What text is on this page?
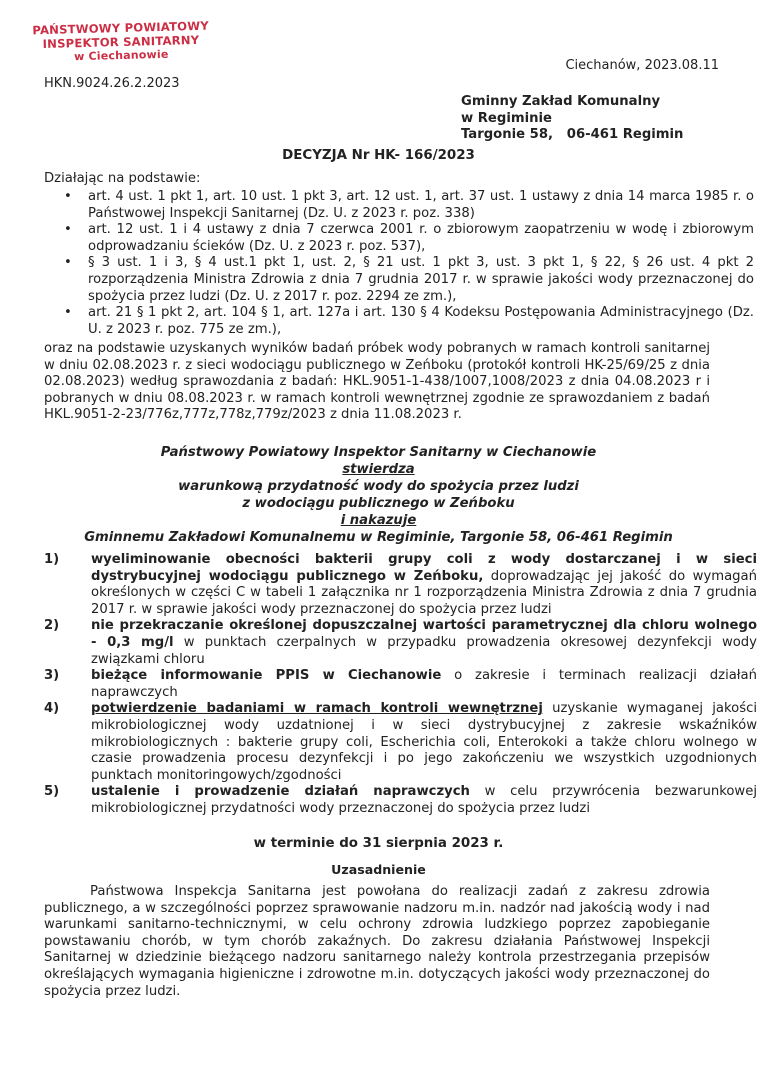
PAŃSTWOWY POWIATOWY
INSPEKTOR SANITARNY
w Ciechanowie
Ciechanów, 2023.08.11
HKN.9024.26.2.2023
Gminny Zakład Komunalny
w Regiminie
Targonie 58,   06-461 Regimin
DECYZJA Nr HK- 166/2023
Działając na podstawie:
• art. 4 ust. 1 pkt 1, art. 10 ust. 1 pkt 3, art. 12 ust. 1, art. 37 ust. 1 ustawy z dnia 14 marca 1985 r. o Państwowej Inspekcji Sanitarnej (Dz. U. z 2023 r. poz. 338)
• art. 12 ust. 1 i 4 ustawy z dnia 7 czerwca 2001 r. o zbiorowym zaopatrzeniu w wodę i zbiorowym odprowadzaniu ścieków (Dz. U. z 2023 r. poz. 537),
• § 3 ust. 1 i 3, § 4 ust.1 pkt 1, ust. 2, § 21 ust. 1 pkt 3, ust. 3 pkt 1, § 22, § 26 ust. 4 pkt 2 rozporządzenia Ministra Zdrowia z dnia 7 grudnia 2017 r. w sprawie jakości wody przeznaczonej do spożycia przez ludzi (Dz. U. z 2017 r. poz. 2294 ze zm.),
• art. 21 § 1 pkt 2, art. 104 § 1, art. 127a i art. 130 § 4 Kodeksu Postępowania Administracyjnego (Dz. U. z 2023 r. poz. 775 ze zm.),
oraz na podstawie uzyskanych wyników badań próbek wody pobranych w ramach kontroli sanitarnej w dniu 02.08.2023 r. z sieci wodociągu publicznego w Zeńboku (protokół kontroli HK-25/69/25 z dnia 02.08.2023) według sprawozdania z badań: HKL.9051-1-438/1007,1008/2023 z dnia 04.08.2023 r i pobranych w dniu 08.08.2023 r. w ramach kontroli wewnętrznej zgodnie ze sprawozdaniem z badań HKL.9051-2-23/776z,777z,778z,779z/2023 z dnia 11.08.2023 r.
Państwowy Powiatowy Inspektor Sanitarny w Ciechanowie
stwierdza
warunkową przydatność wody do spożycia przez ludzi
z wodociągu publicznego w Zeńboku
i nakazuje
Gminnemu Zakładowi Komunalnemu w Regiminie, Targonie 58, 06-461 Regimin
1) wyeliminowanie obecności bakterii grupy coli z wody dostarczanej i w sieci dystrybucyjnej wodociągu publicznego w Zeńboku, doprowadzając jej jakość do wymagań określonych w części C w tabeli 1 załącznika nr 1 rozporządzenia Ministra Zdrowia z dnia 7 grudnia 2017 r. w sprawie jakości wody przeznaczonej do spożycia przez ludzi
2) nie przekraczanie określonej dopuszczalnej wartości parametrycznej dla chloru wolnego - 0,3 mg/l w punktach czerpalnych w przypadku prowadzenia okresowej dezynfekcji wody związkami chloru
3) bieżące informowanie PPIS w Ciechanowie o zakresie i terminach realizacji działań naprawczych
4) potwierdzenie badaniami w ramach kontroli wewnętrznej uzyskanie wymaganej jakości mikrobiologicznej wody uzdatnionej i w sieci dystrybucyjnej z zakresie wskaźników mikrobiologicznych : bakterie grupy coli, Escherichia coli, Enterokoki a także chloru wolnego w czasie prowadzenia procesu dezynfekcji i po jego zakończeniu we wszystkich uzgodnionych punktach monitoringowych/zgodności
5) ustalenie i prowadzenie działań naprawczych w celu przywrócenia bezwarunkowej mikrobiologicznej przydatności wody przeznaczonej do spożycia przez ludzi
w terminie do 31 sierpnia 2023 r.
Uzasadnienie
Państwowa Inspekcja Sanitarna jest powołana do realizacji zadań z zakresu zdrowia publicznego, a w szczególności poprzez sprawowanie nadzoru m.in. nadzór nad jakością wody i nad warunkami sanitarno-technicznymi, w celu ochrony zdrowia ludzkiego poprzez zapobieganie powstawaniu chorób, w tym chorób zakaźnych. Do zakresu działania Państwowej Inspekcji Sanitarnej w dziedzinie bieżącego nadzoru sanitarnego należy kontrola przestrzegania przepisów określających wymagania higieniczne i zdrowotne m.in. dotyczących jakości wody przeznaczonej do spożycia przez ludzi.
